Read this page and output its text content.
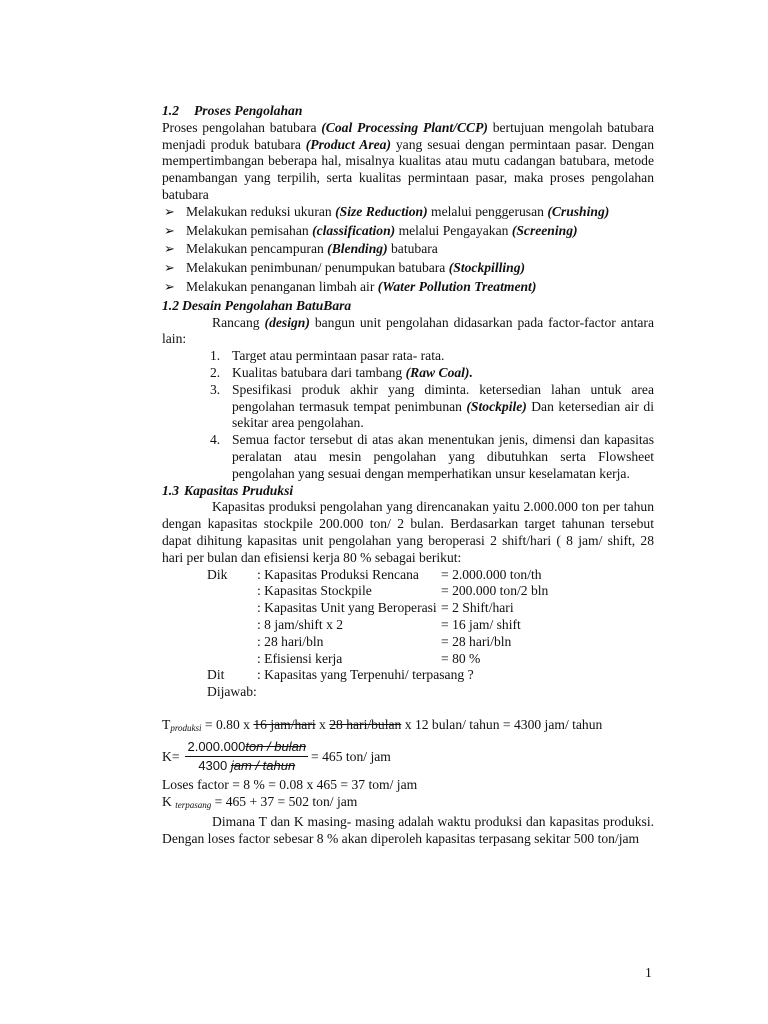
1.2 Proses Pengolahan

Proses pengolahan batubara (Coal Processing Plant/CCP) bertujuan mengolah batubara menjadi produk batubara (Product Area) yang sesuai dengan permintaan pasar. Dengan mempertimbangan beberapa hal, misalnya kualitas atau mutu cadangan batubara, metode penambangan yang terpilih, serta kualitas permintaan pasar, maka proses pengolahan batubara

➢ Melakukan reduksi ukuran (Size Reduction) melalui penggerusan (Crushing)
➢ Melakukan pemisahan (classification) melalui Pengayakan (Screening)
➢ Melakukan pencampuran (Blending) batubara
➢ Melakukan penimbunan/ penumpukan batubara (Stockpilling)
➢ Melakukan penanganan limbah air (Water Pollution Treatment)
1.2 Desain Pengolahan BatuBara

Rancang (design) bangun unit pengolahan didasarkan pada factor-factor antara lain:

1. Target atau permintaan pasar rata- rata.
2. Kualitas batubara dari tambang (Raw Coal).
3. Spesifikasi produk akhir yang diminta. ketersedian lahan untuk area pengolahan termasuk tempat penimbunan (Stockpile) Dan ketersedian air di sekitar area pengolahan.
4. Semua factor tersebut di atas akan menentukan jenis, dimensi dan kapasitas peralatan atau mesin pengolahan yang dibutuhkan serta Flowsheet pengolahan yang sesuai dengan memperhatikan unsur keselamatan kerja.
1.3 Kapasitas Pruduksi

Kapasitas produksi pengolahan yang direncanakan yaitu 2.000.000 ton per tahun dengan kapasitas stockpile 200.000 ton/ 2 bulan. Berdasarkan target tahunan tersebut dapat dihitung kapasitas unit pengolahan yang beroperasi 2 shift/hari ( 8 jam/ shift, 28 hari per bulan dan efisiensi kerja 80 % sebagai berikut:

Dik	: Kapasitas Produksi Rencana	= 2.000.000 ton/th
: Kapasitas Stockpile	= 200.000 ton/2 bln
: Kapasitas Unit yang Beroperasi = 2 Shift/hari
: 8 jam/shift x 2	= 16 jam/ shift
: 28 hari/bln	= 28 hari/bln
: Efisiensi kerja	= 80 %
Dit	: Kapasitas yang Terpenuhi/ terpasang ?
Dijawab:

Tproduksi = 0.80 x 16 jam/hari x 28 hari/bulan x 12 bulan/ tahun = 4300 jam/ tahun

$K= \frac{\text{2.000.000ton / bulan}}{\text{4300 jam / tahun}} = 465$ ton/ jam

Loses factor = 8 % = 0.08 x 465 = 37 tom/ jam

K terpasang = 465 + 37 = 502 ton/ jam

Dimana T dan K masing- masing adalah waktu produksi dan kapasitas produksi. Dengan loses factor sebesar 8 % akan diperoleh kapasitas terpasang sekitar 500 ton/jam

1
